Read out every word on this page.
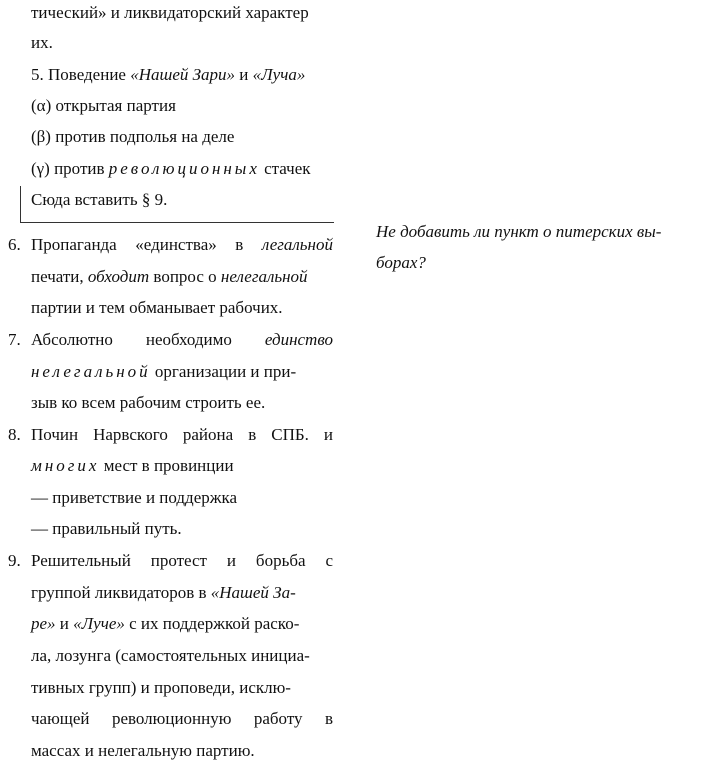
тический» и ликвидаторский характер
их.
5. Поведение «Нашей Зари» и «Луча»
(α) открытая партия
(β) против подполья на деле
(γ) против революционных стачек
Сюда вставить § 9.
6. Пропаганда «единства» в легальной
печати, обходит вопрос о нелегальной
партии и тем обманывает рабочих.
7. Абсолютно необходимо единство
нелегальной организации и при-
зыв ко всем рабочим строить ее.
8. Почин Нарвского района в СПБ. и
многих мест в провинции
— приветствие и поддержка
— правильный путь.
9. Решительный протест и борьба с
группой ликвидаторов в «Нашей За-
ре» и «Луче» с их поддержкой раско-
ла, лозунга (самостоятельных инициа-
тивных групп) и проповеди, исклю-
чающей революционную работу в
массах и нелегальную партию.
Не добавить ли пункт о питерских вы-
борах?
